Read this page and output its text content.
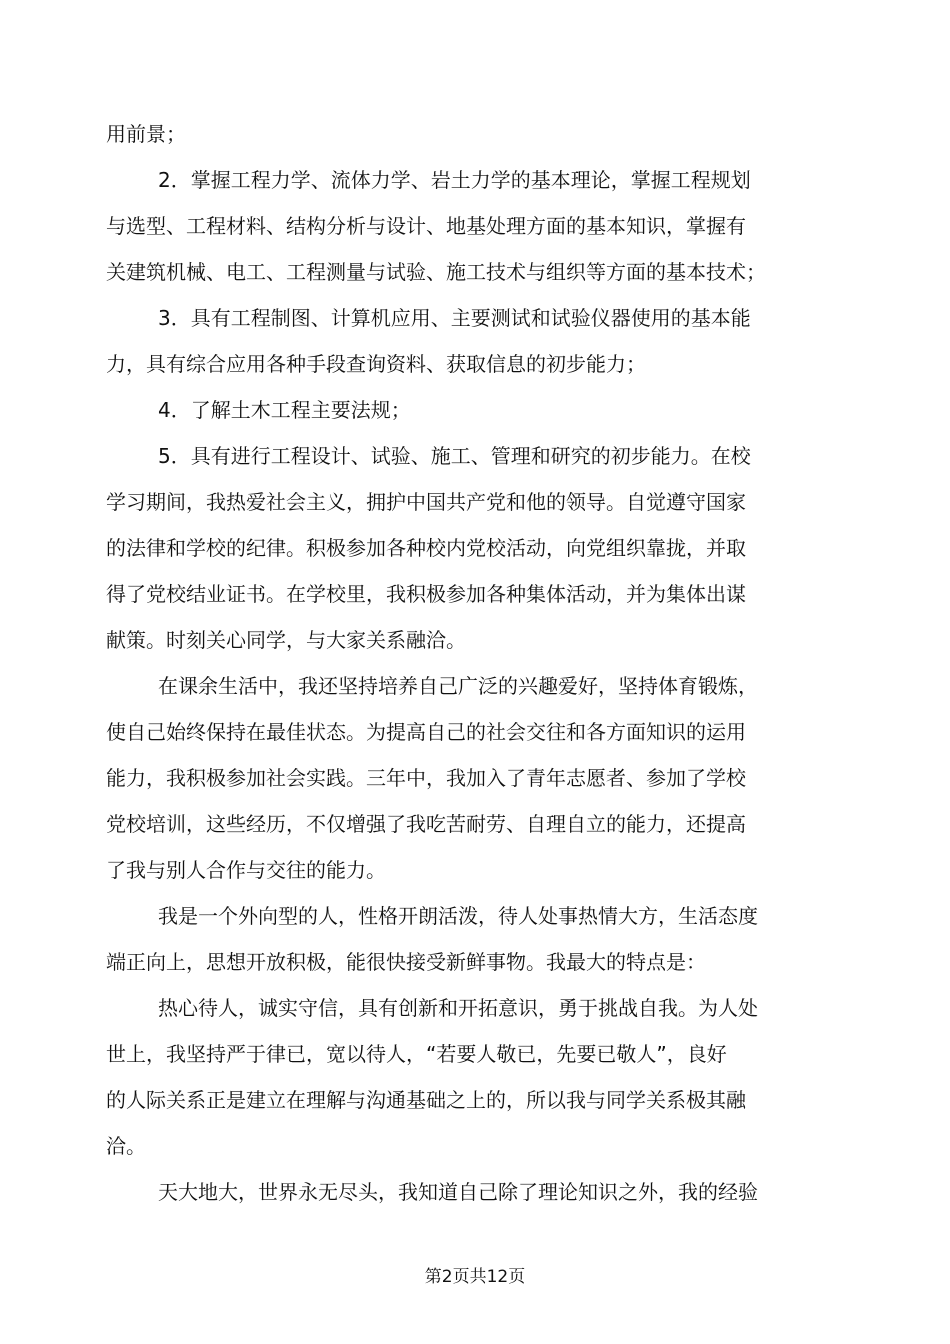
用前景；

2．掌握工程力学、流体力学、岩土力学的基本理论，掌握工程规划

与选型、工程材料、结构分析与设计、地基处理方面的基本知识，掌握有

关建筑机械、电工、工程测量与试验、施工技术与组织等方面的基本技术；

3．具有工程制图、计算机应用、主要测试和试验仪器使用的基本能

力，具有综合应用各种手段查询资料、获取信息的初步能力；

4．了解土木工程主要法规；

5．具有进行工程设计、试验、施工、管理和研究的初步能力。在校

学习期间，我热爱社会主义，拥护中国共产党和他的领导。自觉遵守国家

的法律和学校的纪律。积极参加各种校内党校活动，向党组织靠拢，并取

得了党校结业证书。在学校里，我积极参加各种集体活动，并为集体出谋

献策。时刻关心同学，与大家关系融洽。

在课余生活中，我还坚持培养自己广泛的兴趣爱好，坚持体育锻炼，

使自己始终保持在最佳状态。为提高自己的社会交往和各方面知识的运用

能力，我积极参加社会实践。三年中，我加入了青年志愿者、参加了学校

党校培训，这些经历，不仅增强了我吃苦耐劳、自理自立的能力，还提高

了我与别人合作与交往的能力。

我是一个外向型的人，性格开朗活泼，待人处事热情大方，生活态度

端正向上，思想开放积极，能很快接受新鲜事物。我最大的特点是：

热心待人，诚实守信，具有创新和开拓意识，勇于挑战自我。为人处

世上，我坚持严于律已，宽以待人，“若要人敬已，先要已敬人”，良好

的人际关系正是建立在理解与沟通基础之上的，所以我与同学关系极其融

洽。

天大地大，世界永无尽头，我知道自己除了理论知识之外，我的经验

第2页共12页
